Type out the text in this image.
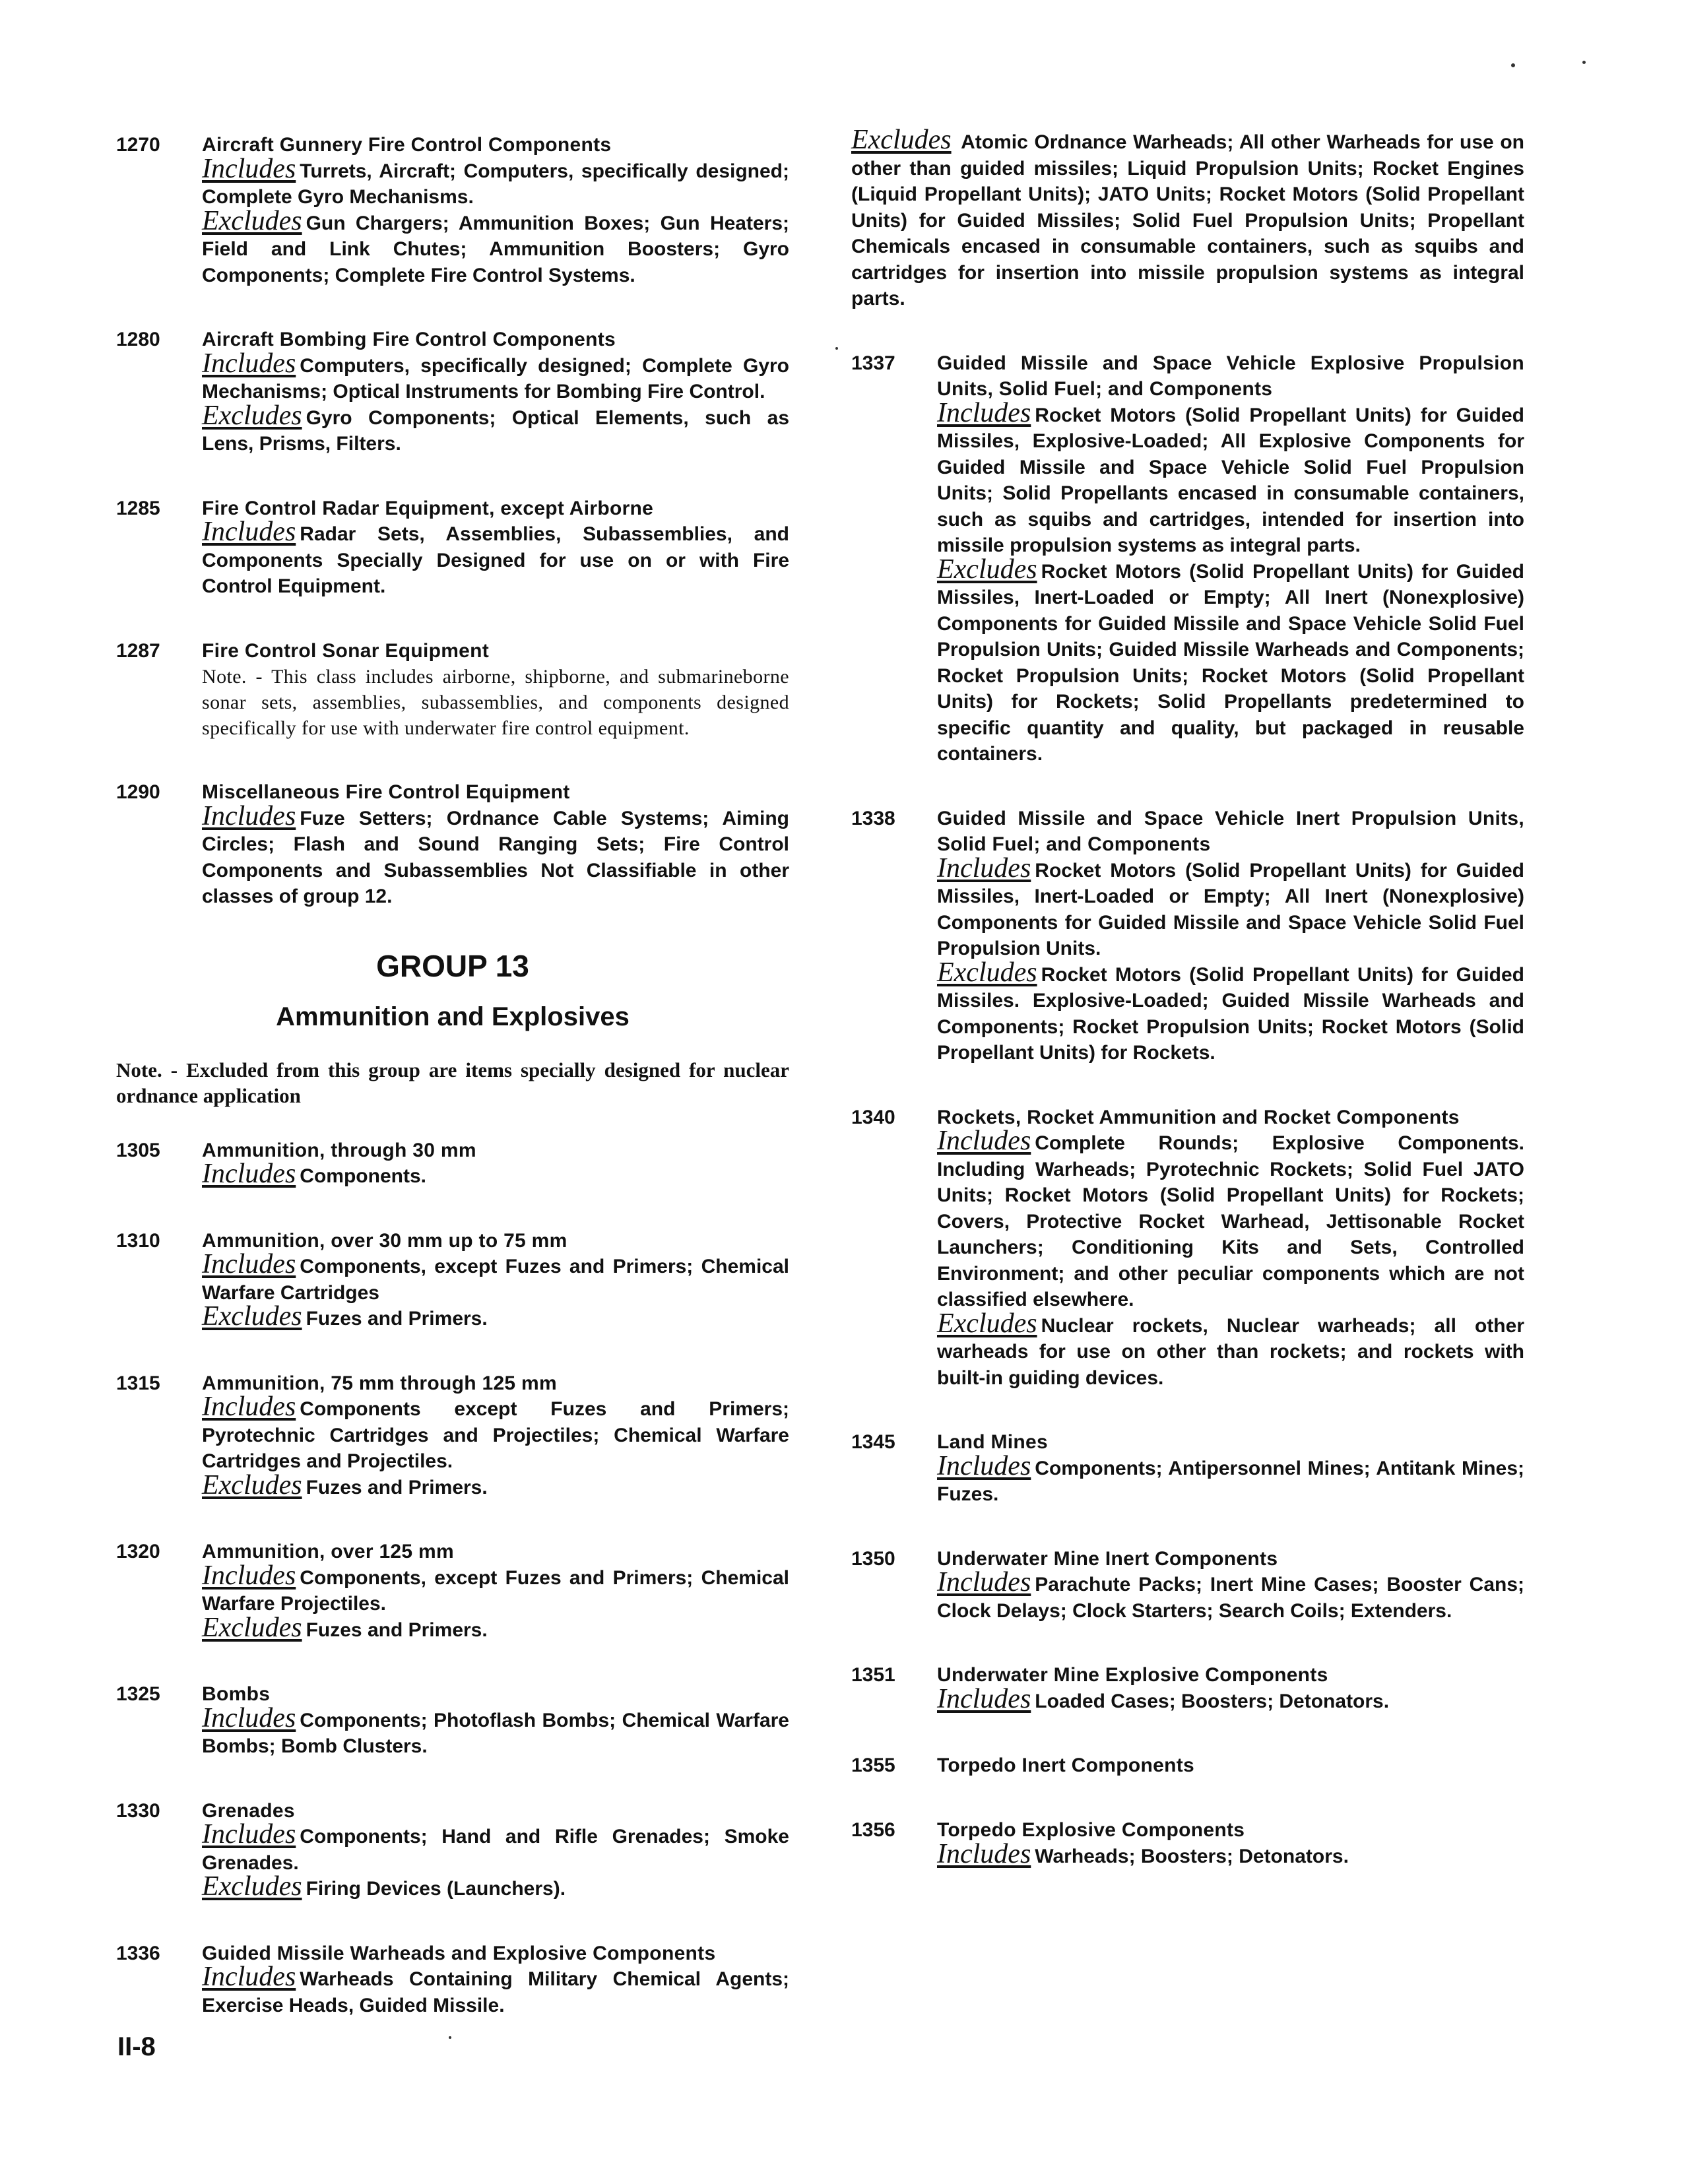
1270	Aircraft Gunnery Fire Control Components
Includes Turrets, Aircraft; Computers, specifically designed; Complete Gyro Mechanisms.
Excludes Gun Chargers; Ammunition Boxes; Gun Heaters; Field and Link Chutes; Ammunition Boosters; Gyro Components; Complete Fire Control Systems.
1280	Aircraft Bombing Fire Control Components
Includes Computers, specifically designed; Complete Gyro Mechanisms; Optical Instruments for Bombing Fire Control.
Excludes Gyro Components; Optical Elements, such as Lens, Prisms, Filters.
1285	Fire Control Radar Equipment, except Airborne
Includes Radar Sets, Assemblies, Subassemblies, and Components Specially Designed for use on or with Fire Control Equipment.
1287	Fire Control Sonar Equipment
Note. - This class includes airborne, shipborne, and submarineborne sonar sets, assemblies, subassemblies, and components designed specifically for use with underwater fire control equipment.
1290	Miscellaneous Fire Control Equipment
Includes Fuze Setters; Ordnance Cable Systems; Aiming Circles; Flash and Sound Ranging Sets; Fire Control Components and Subassemblies Not Classifiable in other classes of group 12.
GROUP 13
Ammunition and Explosives
Note. - Excluded from this group are items specially designed for nuclear ordnance application
1305	Ammunition, through 30 mm
Includes Components.
1310	Ammunition, over 30 mm up to 75 mm
Includes Components, except Fuzes and Primers; Chemical Warfare Cartridges
Excludes Fuzes and Primers.
1315	Ammunition, 75 mm through 125 mm
Includes Components except Fuzes and Primers; Pyrotechnic Cartridges and Projectiles; Chemical Warfare Cartridges and Projectiles.
Excludes Fuzes and Primers.
1320	Ammunition, over 125 mm
Includes Components, except Fuzes and Primers; Chemical Warfare Projectiles.
Excludes Fuzes and Primers.
1325	Bombs
Includes Components; Photoflash Bombs; Chemical Warfare Bombs; Bomb Clusters.
1330	Grenades
Includes Components; Hand and Rifle Grenades; Smoke Grenades.
Excludes Firing Devices (Launchers).
1336	Guided Missile Warheads and Explosive Components
Includes Warheads Containing Military Chemical Agents; Exercise Heads, Guided Missile.
Excludes Atomic Ordnance Warheads; All other Warheads for use on other than guided missiles; Liquid Propulsion Units; Rocket Engines (Liquid Propellant Units); JATO Units; Rocket Motors (Solid Propellant Units) for Guided Missiles; Solid Fuel Propulsion Units; Propellant Chemicals encased in consumable containers, such as squibs and cartridges for insertion into missile propulsion systems as integral parts.
1337	Guided Missile and Space Vehicle Explosive Propulsion Units, Solid Fuel; and Components
Includes Rocket Motors (Solid Propellant Units) for Guided Missiles, Explosive-Loaded; All Explosive Components for Guided Missile and Space Vehicle Solid Fuel Propulsion Units; Solid Propellants encased in consumable containers, such as squibs and cartridges, intended for insertion into missile propulsion systems as integral parts.
Excludes Rocket Motors (Solid Propellant Units) for Guided Missiles, Inert-Loaded or Empty; All Inert (Nonexplosive) Components for Guided Missile and Space Vehicle Solid Fuel Propulsion Units; Guided Missile Warheads and Components; Rocket Propulsion Units; Rocket Motors (Solid Propellant Units) for Rockets; Solid Propellants predetermined to specific quantity and quality, but packaged in reusable containers.
1338	Guided Missile and Space Vehicle Inert Propulsion Units, Solid Fuel; and Components
Includes Rocket Motors (Solid Propellant Units) for Guided Missiles, Inert-Loaded or Empty; All Inert (Nonexplosive) Components for Guided Missile and Space Vehicle Solid Fuel Propulsion Units.
Excludes Rocket Motors (Solid Propellant Units) for Guided Missiles. Explosive-Loaded; Guided Missile Warheads and Components; Rocket Propulsion Units; Rocket Motors (Solid Propellant Units) for Rockets.
1340	Rockets, Rocket Ammunition and Rocket Components
Includes Complete Rounds; Explosive Components. Including Warheads; Pyrotechnic Rockets; Solid Fuel JATO Units; Rocket Motors (Solid Propellant Units) for Rockets; Covers, Protective Rocket Warhead, Jettisonable Rocket Launchers; Conditioning Kits and Sets, Controlled Environment; and other peculiar components which are not classified elsewhere.
Excludes Nuclear rockets, Nuclear warheads; all other warheads for use on other than rockets; and rockets with built-in guiding devices.
1345	Land Mines
Includes Components; Antipersonnel Mines; Antitank Mines; Fuzes.
1350	Underwater Mine Inert Components
Includes Parachute Packs; Inert Mine Cases; Booster Cans; Clock Delays; Clock Starters; Search Coils; Extenders.
1351	Underwater Mine Explosive Components
Includes Loaded Cases; Boosters; Detonators.
1355	Torpedo Inert Components
1356	Torpedo Explosive Components
Includes Warheads; Boosters; Detonators.
II-8
